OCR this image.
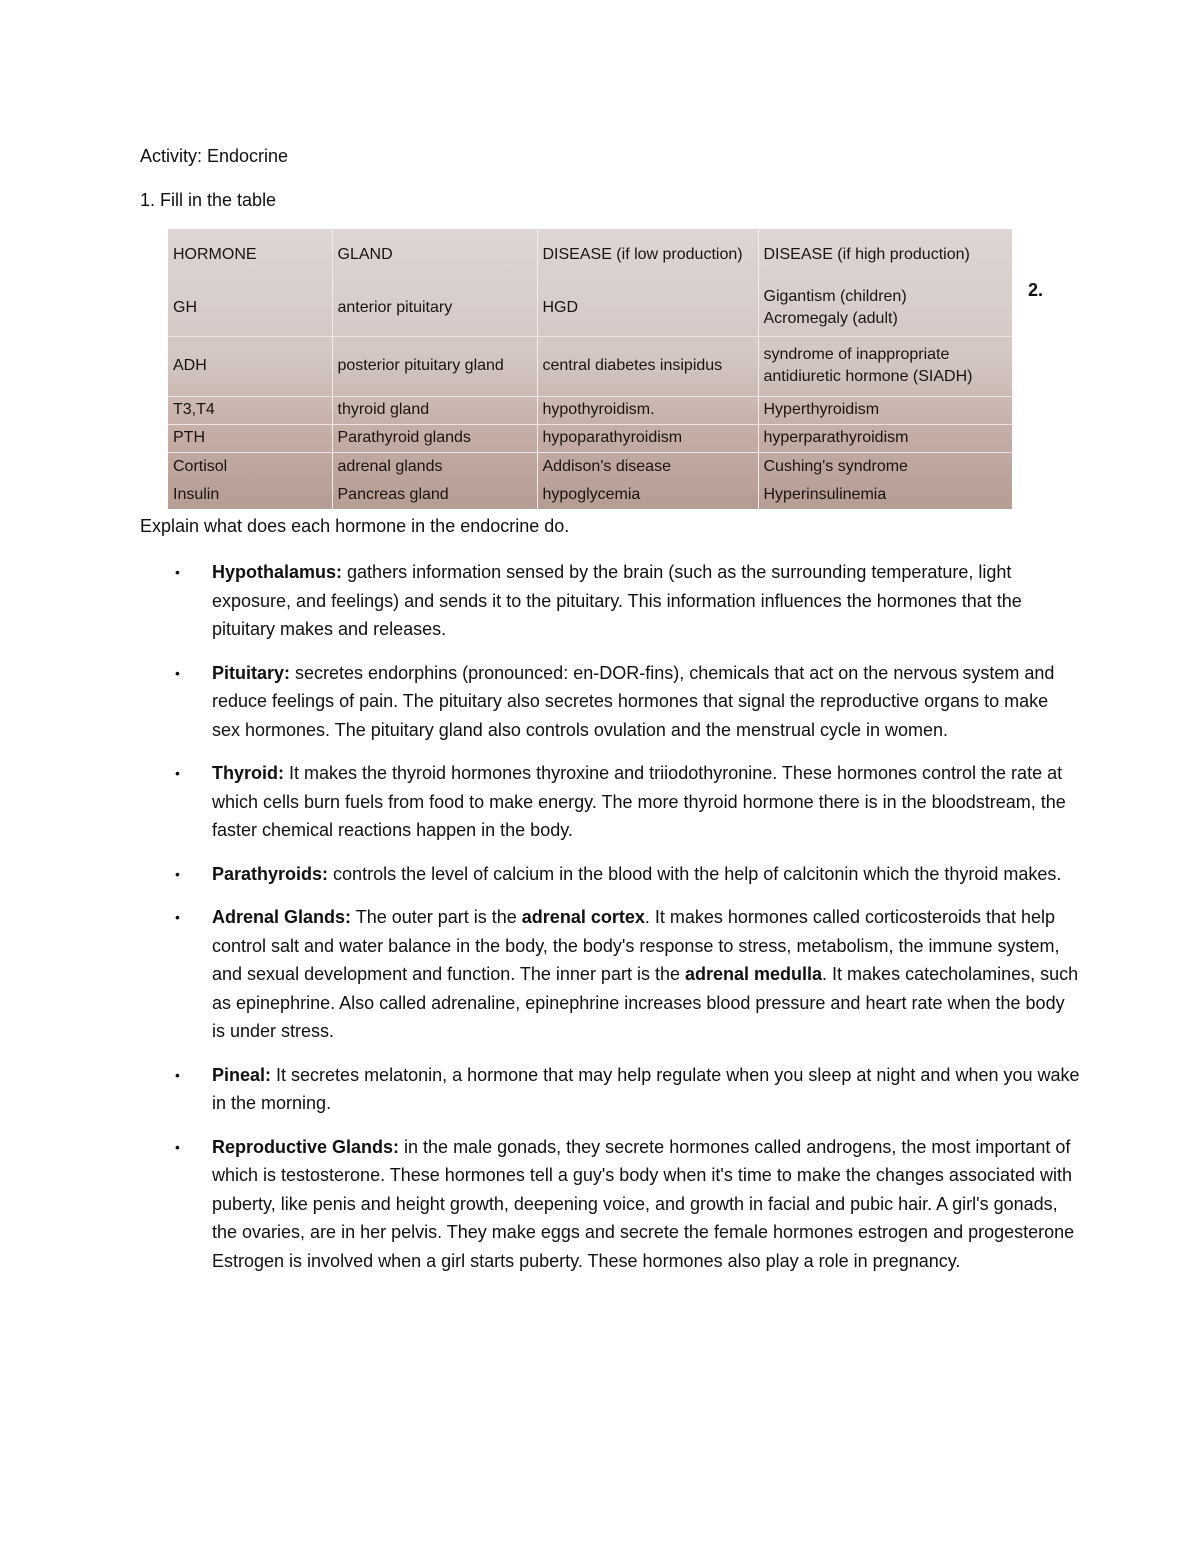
Activity: Endocrine
1. Fill in the table
HORMONE	GLAND	DISEASE (if low production)	DISEASE (if high production)
GH	anterior pituitary	HGD	Gigantism (children)
Acromegaly (adult)

ADH	posterior pituitary gland	central diabetes insipidus	syndrome of inappropriate
antidiuretic hormone (SIADH)

T3,T4	thyroid gland	hypothyroidism.	Hyperthyroidism
PTH	Parathyroid glands	hypoparathyroidism	hyperparathyroidism
Cortisol	adrenal glands	Addison's disease	Cushing's syndrome
Insulin	Pancreas gland	hypoglycemia	Hyperinsulinemia
2.
Explain what does each hormone in the endocrine do.
• Hypothalamus: gathers information sensed by the brain (such as the surrounding temperature, light exposure, and feelings) and sends it to the pituitary. This information influences the hormones that the pituitary makes and releases.
• Pituitary: secretes endorphins (pronounced: en-DOR-fins), chemicals that act on the nervous system and reduce feelings of pain. The pituitary also secretes hormones that signal the reproductive organs to make sex hormones. The pituitary gland also controls ovulation and the menstrual cycle in women.
• Thyroid: It makes the thyroid hormones thyroxine and triiodothyronine. These hormones control the rate at which cells burn fuels from food to make energy. The more thyroid hormone there is in the bloodstream, the faster chemical reactions happen in the body.
• Parathyroids: controls the level of calcium in the blood with the help of calcitonin which the thyroid makes.
• Adrenal Glands: The outer part is the adrenal cortex. It makes hormones called corticosteroids that help control salt and water balance in the body, the body's response to stress, metabolism, the immune system, and sexual development and function. The inner part is the adrenal medulla. It makes catecholamines, such as epinephrine. Also called adrenaline, epinephrine increases blood pressure and heart rate when the body is under stress.
• Pineal: It secretes melatonin, a hormone that may help regulate when you sleep at night and when you wake in the morning.
• Reproductive Glands: in the male gonads, they secrete hormones called androgens, the most important of which is testosterone. These hormones tell a guy's body when it's time to make the changes associated with puberty, like penis and height growth, deepening voice, and growth in facial and pubic hair. A girl's gonads, the ovaries, are in her pelvis. They make eggs and secrete the female hormones estrogen and progesterone Estrogen is involved when a girl starts puberty. These hormones also play a role in pregnancy.
